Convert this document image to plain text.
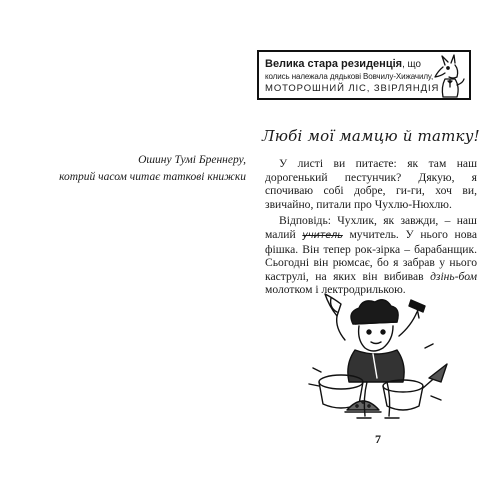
Ошину Тумі Бреннеру,
котрий часом читає таткові книжки
Велика стара резиденція, що
колись належала дядькові Вовчилу-Хижачилу,
МОТОРОШНИЙ ЛІС, ЗВІРЛЯНДІЯ
Любі мої мамцю й татку!

У листі ви питаєте: як там наш дорогенький пестунчик? Дякую, я спочиваю собі добре, ги-ги, хоч ви, звичайно, питали про Чухлю-Нюхлю.

Відповідь: Чухлик, як завжди, – наш малий учитель мучитель. У нього нова фішка. Він тепер рок-зірка – барабанщик. Сьогодні він рюмсає, бо я забрав у нього каструлі, на яких він вибивав дзінь-бом молотком і лектродрилькою.

7
